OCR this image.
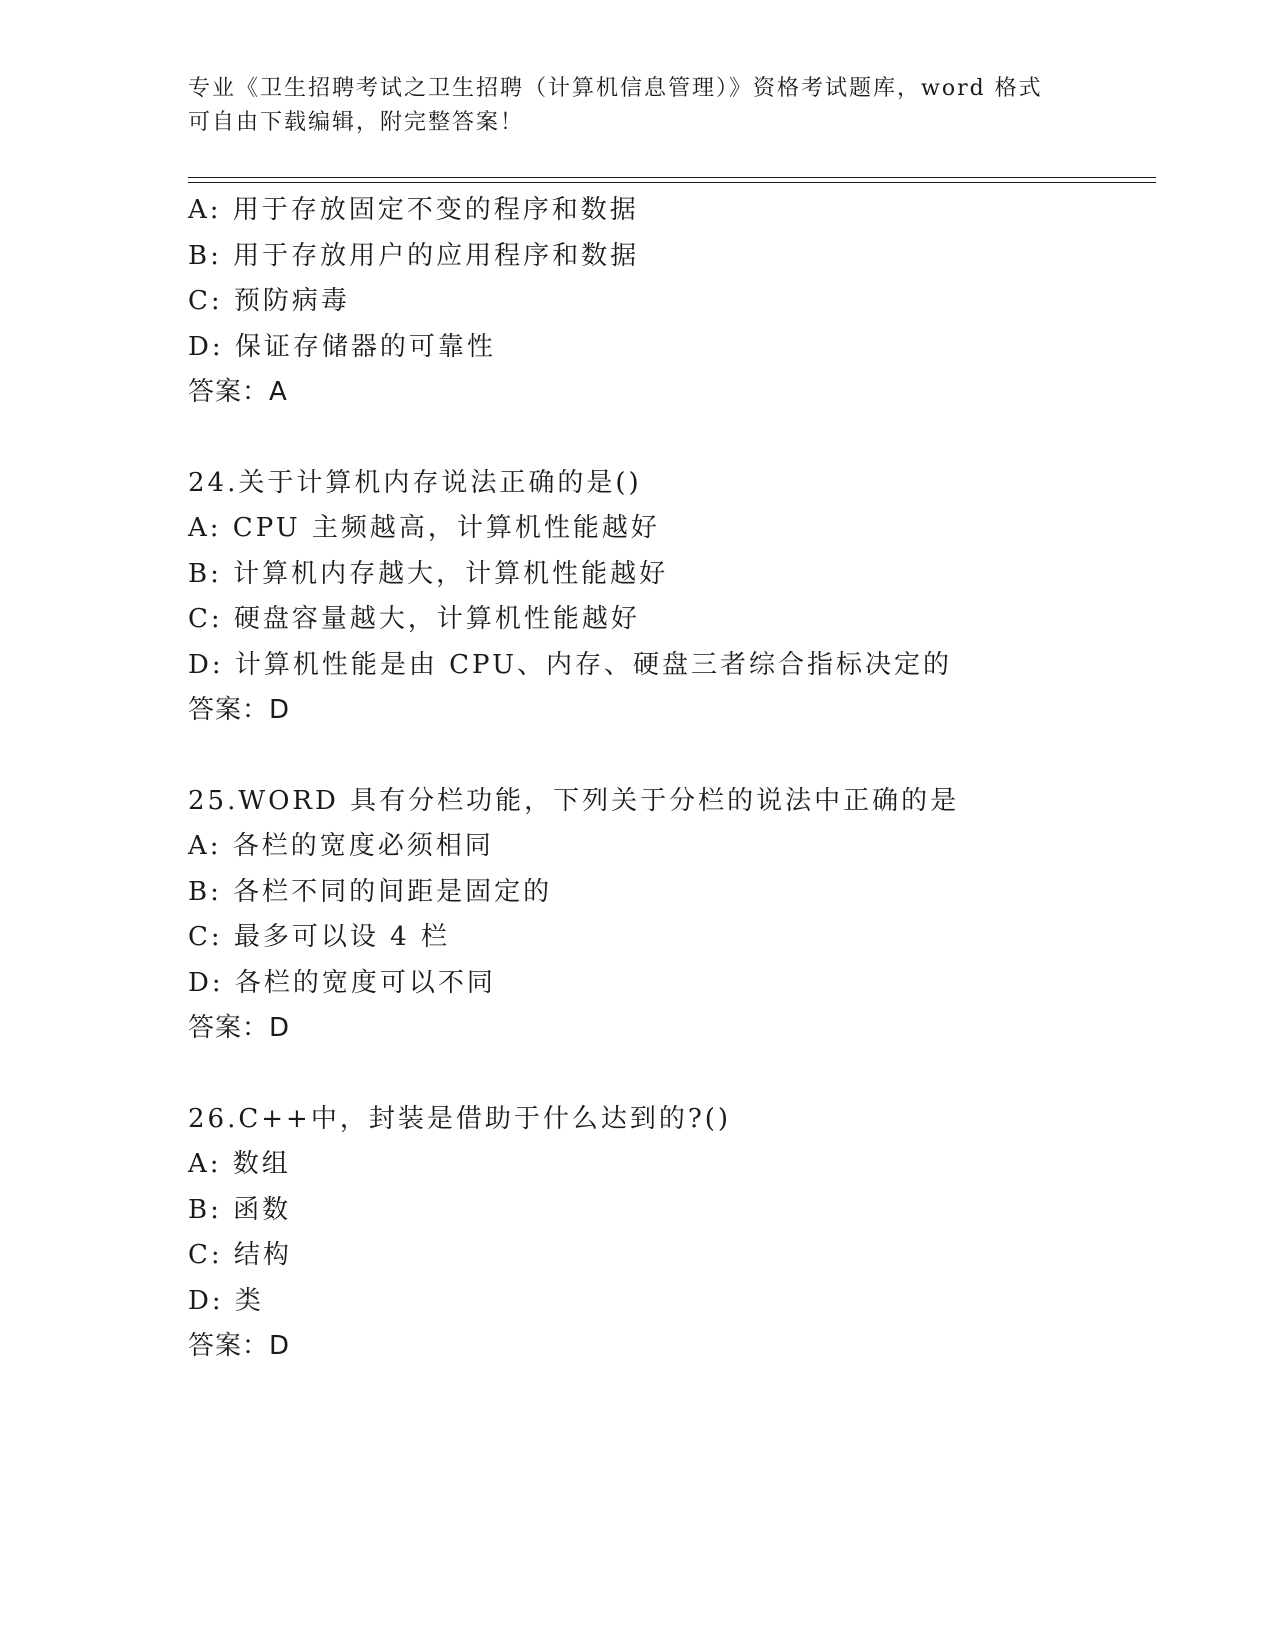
专业《卫生招聘考试之卫生招聘（计算机信息管理）》资格考试题库，word 格式

可自由下载编辑，附完整答案！

A: 用于存放固定不变的程序和数据
B: 用于存放用户的应用程序和数据
C: 预防病毒
D: 保证存储器的可靠性
答案：A
24.关于计算机内存说法正确的是()
A: CPU 主频越高，计算机性能越好
B: 计算机内存越大，计算机性能越好
C: 硬盘容量越大，计算机性能越好
D: 计算机性能是由 CPU、内存、硬盘三者综合指标决定的
答案：D
25.WORD 具有分栏功能，下列关于分栏的说法中正确的是
A: 各栏的宽度必须相同
B: 各栏不同的间距是固定的
C: 最多可以设 4 栏
D: 各栏的宽度可以不同
答案：D
26.C++中，封装是借助于什么达到的?()
A: 数组
B: 函数
C: 结构
D: 类
答案：D
